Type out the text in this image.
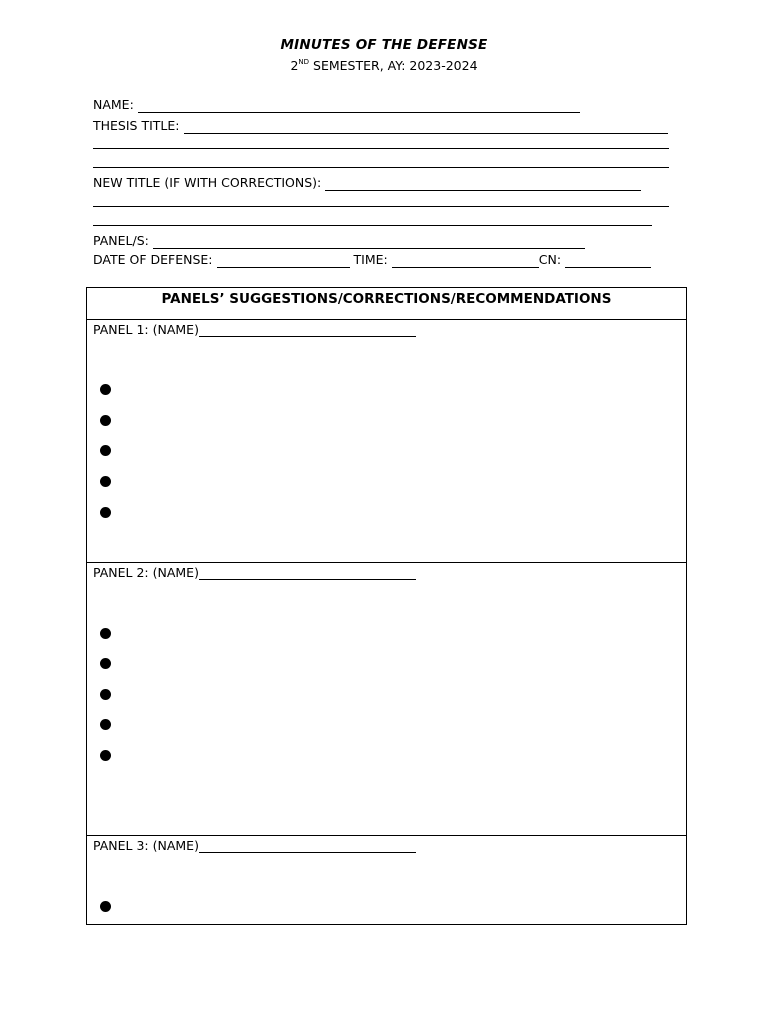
MINUTES OF THE DEFENSE
2ND SEMESTER, AY: 2023-2024
NAME:
THESIS TITLE:
NEW TITLE (IF WITH CORRECTIONS):
PANEL/S:
DATE OF DEFENSE:	TIME:	CN:
PANELS’ SUGGESTIONS/CORRECTIONS/RECOMMENDATIONS
PANEL 1: (NAME)
PANEL 2: (NAME)
PANEL 3: (NAME)
